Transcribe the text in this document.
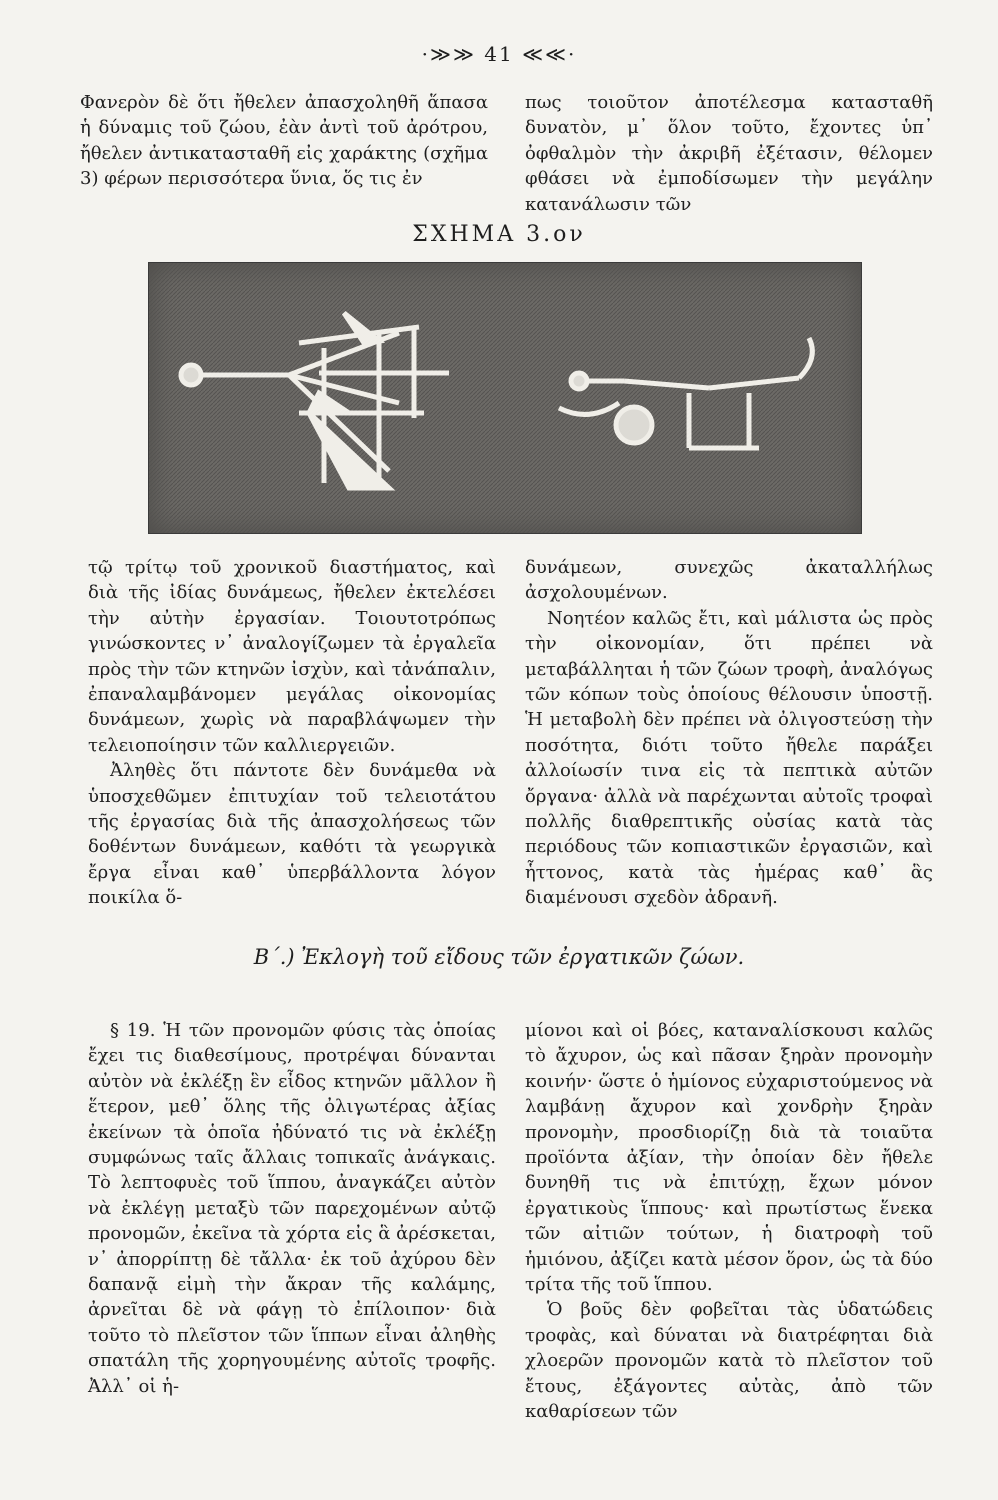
·≫≫ 41 ≪≪·

Φανερὸν δὲ ὅτι ἤθελεν ἀπασχοληθῆ ἅπασα ἡ δύναμις τοῦ ζώου, ἐὰν ἀντὶ τοῦ ἀρότρου, ἤθελεν ἀντικατασταθῆ εἰς χαράκτης (σχῆμα 3) φέρων περισσότερα ὕνια, ὅς τις ἐν

πως τοιοῦτον ἀποτέλεσμα κατασταθῆ δυνατὸν, μ᾽ ὅλον τοῦτο, ἔχοντες ὑπ᾽ ὀφθαλμὸν τὴν ἀκριβῆ ἐξέτασιν, θέλομεν φθάσει νὰ ἐμποδίσωμεν τὴν μεγάλην κατανάλωσιν τῶν

ΣΧΗΜΑ 3.ον

τῷ τρίτῳ τοῦ χρονικοῦ διαστήματος, καὶ διὰ τῆς ἰδίας δυνάμεως, ἤθελεν ἐκτελέσει τὴν αὐτὴν ἐργασίαν. Τοιουτοτρόπως γινώσκοντες ν᾽ ἀναλογίζωμεν τὰ ἐργαλεῖα πρὸς τὴν τῶν κτηνῶν ἰσχὺν, καὶ τἀνάπαλιν, ἐπαναλαμβάνομεν μεγάλας οἰκονομίας δυνάμεων, χωρὶς νὰ παραβλάψωμεν τὴν τελειοποίησιν τῶν καλλιεργειῶν.

Ἀληθὲς ὅτι πάντοτε δὲν δυνάμεθα νὰ ὑποσχεθῶμεν ἐπιτυχίαν τοῦ τελειοτάτου τῆς ἐργασίας διὰ τῆς ἀπασχολήσεως τῶν δοθέντων δυνάμεων, καθότι τὰ γεωργικὰ ἔργα εἶναι καθ᾽ ὑπερβάλλοντα λόγον ποικίλα ὅ-

δυνάμεων, συνεχῶς ἀκαταλλήλως ἀσχολουμένων.

Νοητέον καλῶς ἔτι, καὶ μάλιστα ὡς πρὸς τὴν οἰκονομίαν, ὅτι πρέπει νὰ μεταβάλληται ἡ τῶν ζώων τροφὴ, ἀναλόγως τῶν κόπων τοὺς ὁποίους θέλουσιν ὑποστῇ. Ἡ μεταβολὴ δὲν πρέπει νὰ ὀλιγοστεύσῃ τὴν ποσότητα, διότι τοῦτο ἤθελε παράξει ἀλλοίωσίν τινα εἰς τὰ πεπτικὰ αὐτῶν ὄργανα· ἀλλὰ νὰ παρέχωνται αὐτοῖς τροφαὶ πολλῆς διαθρεπτικῆς οὐσίας κατὰ τὰς περιόδους τῶν κοπιαστικῶν ἐργασιῶν, καὶ ἧττονος, κατὰ τὰς ἡμέρας καθ᾽ ἃς διαμένουσι σχεδὸν ἀδρανῆ.

Β΄.) Ἐκλογὴ τοῦ εἴδους τῶν ἐργατικῶν ζώων.

§ 19. Ἡ τῶν προνομῶν φύσις τὰς ὁποίας ἔχει τις διαθεσίμους, προτρέψαι δύνανται αὐτὸν νὰ ἐκλέξῃ ἓν εἶδος κτηνῶν μᾶλλον ἢ ἕτερον, μεθ᾽ ὅλης τῆς ὀλιγωτέρας ἀξίας ἐκείνων τὰ ὁποῖα ἠδύνατό τις νὰ ἐκλέξῃ συμφώνως ταῖς ἄλλαις τοπικαῖς ἀνάγκαις. Τὸ λεπτοφυὲς τοῦ ἵππου, ἀναγκάζει αὐτὸν νὰ ἐκλέγῃ μεταξὺ τῶν παρεχομένων αὐτῷ προνομῶν, ἐκεῖνα τὰ χόρτα εἰς ἃ ἀρέσκεται, ν᾽ ἀπορρίπτῃ δὲ τἄλλα· ἐκ τοῦ ἀχύρου δὲν δαπανᾷ εἰμὴ τὴν ἄκραν τῆς καλάμης, ἀρνεῖται δὲ νὰ φάγῃ τὸ ἐπίλοιπον· διὰ τοῦτο τὸ πλεῖστον τῶν ἵππων εἶναι ἀληθὴς σπατάλη τῆς χορηγουμένης αὐτοῖς τροφῆς. Ἀλλ᾽ οἱ ἡ-

μίονοι καὶ οἱ βόες, καταναλίσκουσι καλῶς τὸ ἄχυρον, ὡς καὶ πᾶσαν ξηρὰν προνομὴν κοινήν· ὥστε ὁ ἡμίονος εὐχαριστούμενος νὰ λαμβάνῃ ἄχυρον καὶ χονδρὴν ξηρὰν προνομὴν, προσδιορίζῃ διὰ τὰ τοιαῦτα προϊόντα ἀξίαν, τὴν ὁποίαν δὲν ἤθελε δυνηθῆ τις νὰ ἐπιτύχῃ, ἔχων μόνον ἐργατικοὺς ἵππους· καὶ πρωτίστως ἕνεκα τῶν αἰτιῶν τούτων, ἡ διατροφὴ τοῦ ἡμιόνου, ἀξίζει κατὰ μέσον ὅρον, ὡς τὰ δύο τρίτα τῆς τοῦ ἵππου.

Ὁ βοῦς δὲν φοβεῖται τὰς ὑδατώδεις τροφὰς, καὶ δύναται νὰ διατρέφηται διὰ χλοερῶν προνομῶν κατὰ τὸ πλεῖστον τοῦ ἔτους, ἐξάγοντες αὐτὰς, ἀπὸ τῶν καθαρίσεων τῶν
